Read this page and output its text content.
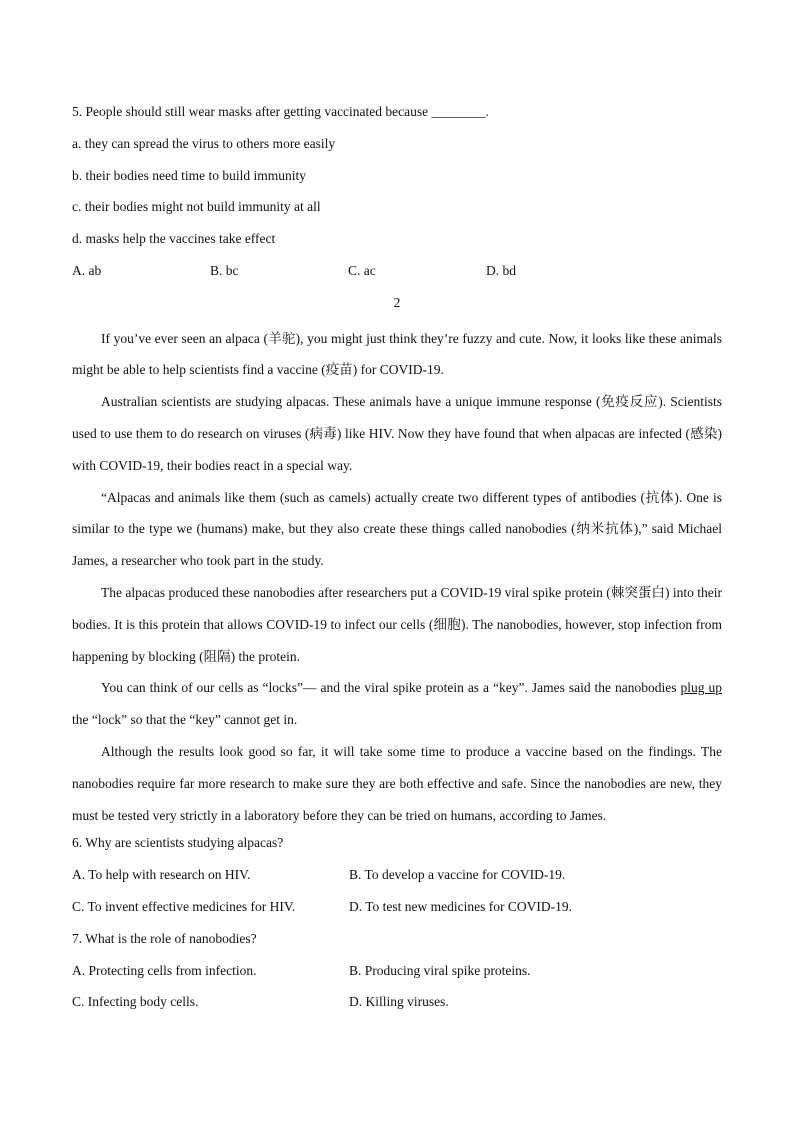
5. People should still wear masks after getting vaccinated because ________.
a. they can spread the virus to others more easily
b. their bodies need time to build immunity
c. their bodies might not build immunity at all
d. masks help the vaccines take effect
A. ab	B. bc	C. ac	D. bd
2

If you’ve ever seen an alpaca (羊驼), you might just think they’re fuzzy and cute. Now, it looks like these animals might be able to help scientists find a vaccine (疫苗) for COVID-19.

Australian scientists are studying alpacas. These animals have a unique immune response (免疫反应). Scientists used to use them to do research on viruses (病毒) like HIV. Now they have found that when alpacas are infected (感染) with COVID-19, their bodies react in a special way.

“Alpacas and animals like them (such as camels) actually create two different types of antibodies (抗体). One is similar to the type we (humans) make, but they also create these things called nanobodies (纳米抗体),” said Michael James, a researcher who took part in the study.

The alpacas produced these nanobodies after researchers put a COVID-19 viral spike protein (棘突蛋白) into their bodies. It is this protein that allows COVID-19 to infect our cells (细胞). The nanobodies, however, stop infection from happening by blocking (阻隔) the protein.

You can think of our cells as “locks”— and the viral spike protein as a “key”. James said the nanobodies plug up the “lock” so that the “key” cannot get in.

Although the results look good so far, it will take some time to produce a vaccine based on the findings. The nanobodies require far more research to make sure they are both effective and safe. Since the nanobodies are new, they must be tested very strictly in a laboratory before they can be tried on humans, according to James.

6. Why are scientists studying alpacas?
A. To help with research on HIV.	B. To develop a vaccine for COVID-19.
C. To invent effective medicines for HIV.	D. To test new medicines for COVID-19.
7. What is the role of nanobodies?
A. Protecting cells from infection.	B. Producing viral spike proteins.
C. Infecting body cells.	D. Killing viruses.
